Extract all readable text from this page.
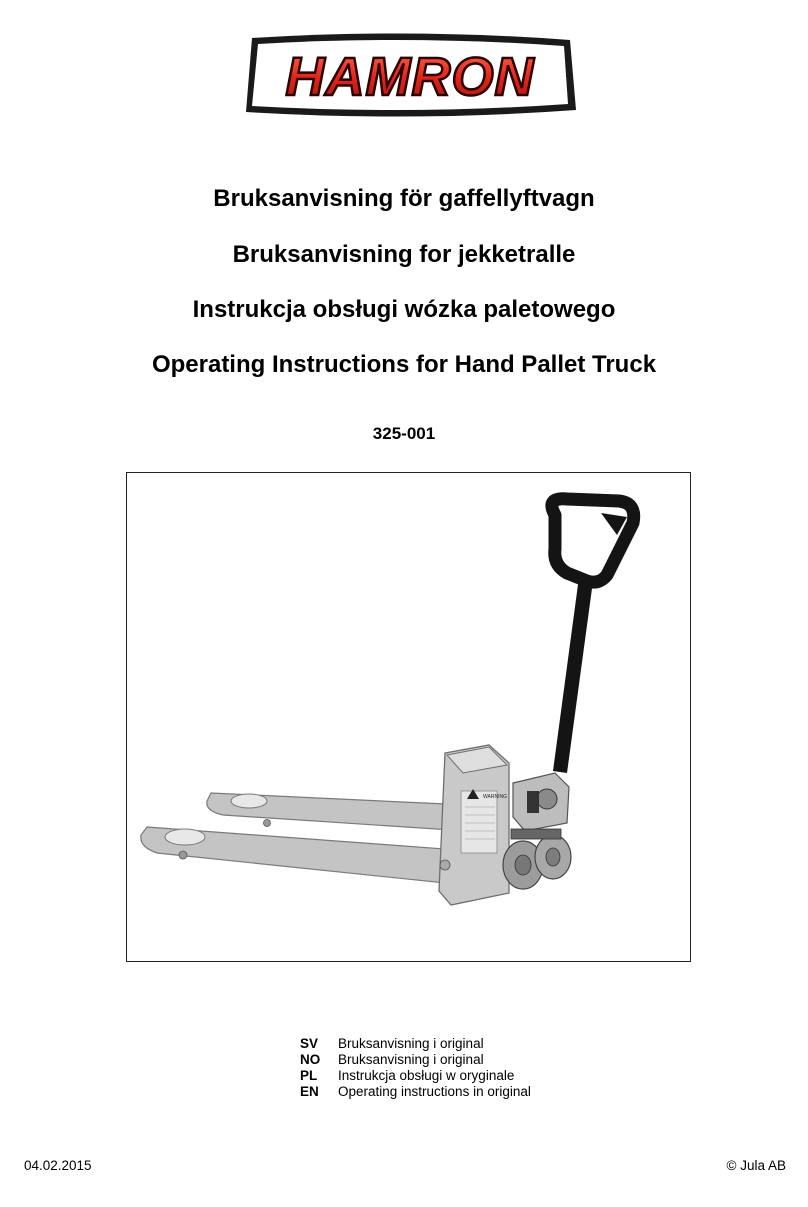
HAMRON
Bruksanvisning för gaffellyftvagn
Bruksanvisning for jekketralle
Instrukcja obsługi wózka paletowego
Operating Instructions for Hand Pallet Truck
325-001
WARNING
SV	Bruksanvisning i original
NO	Bruksanvisning i original
PL	Instrukcja obsługi w oryginale
EN	Operating instructions in original
04.02.2015	© Jula AB
